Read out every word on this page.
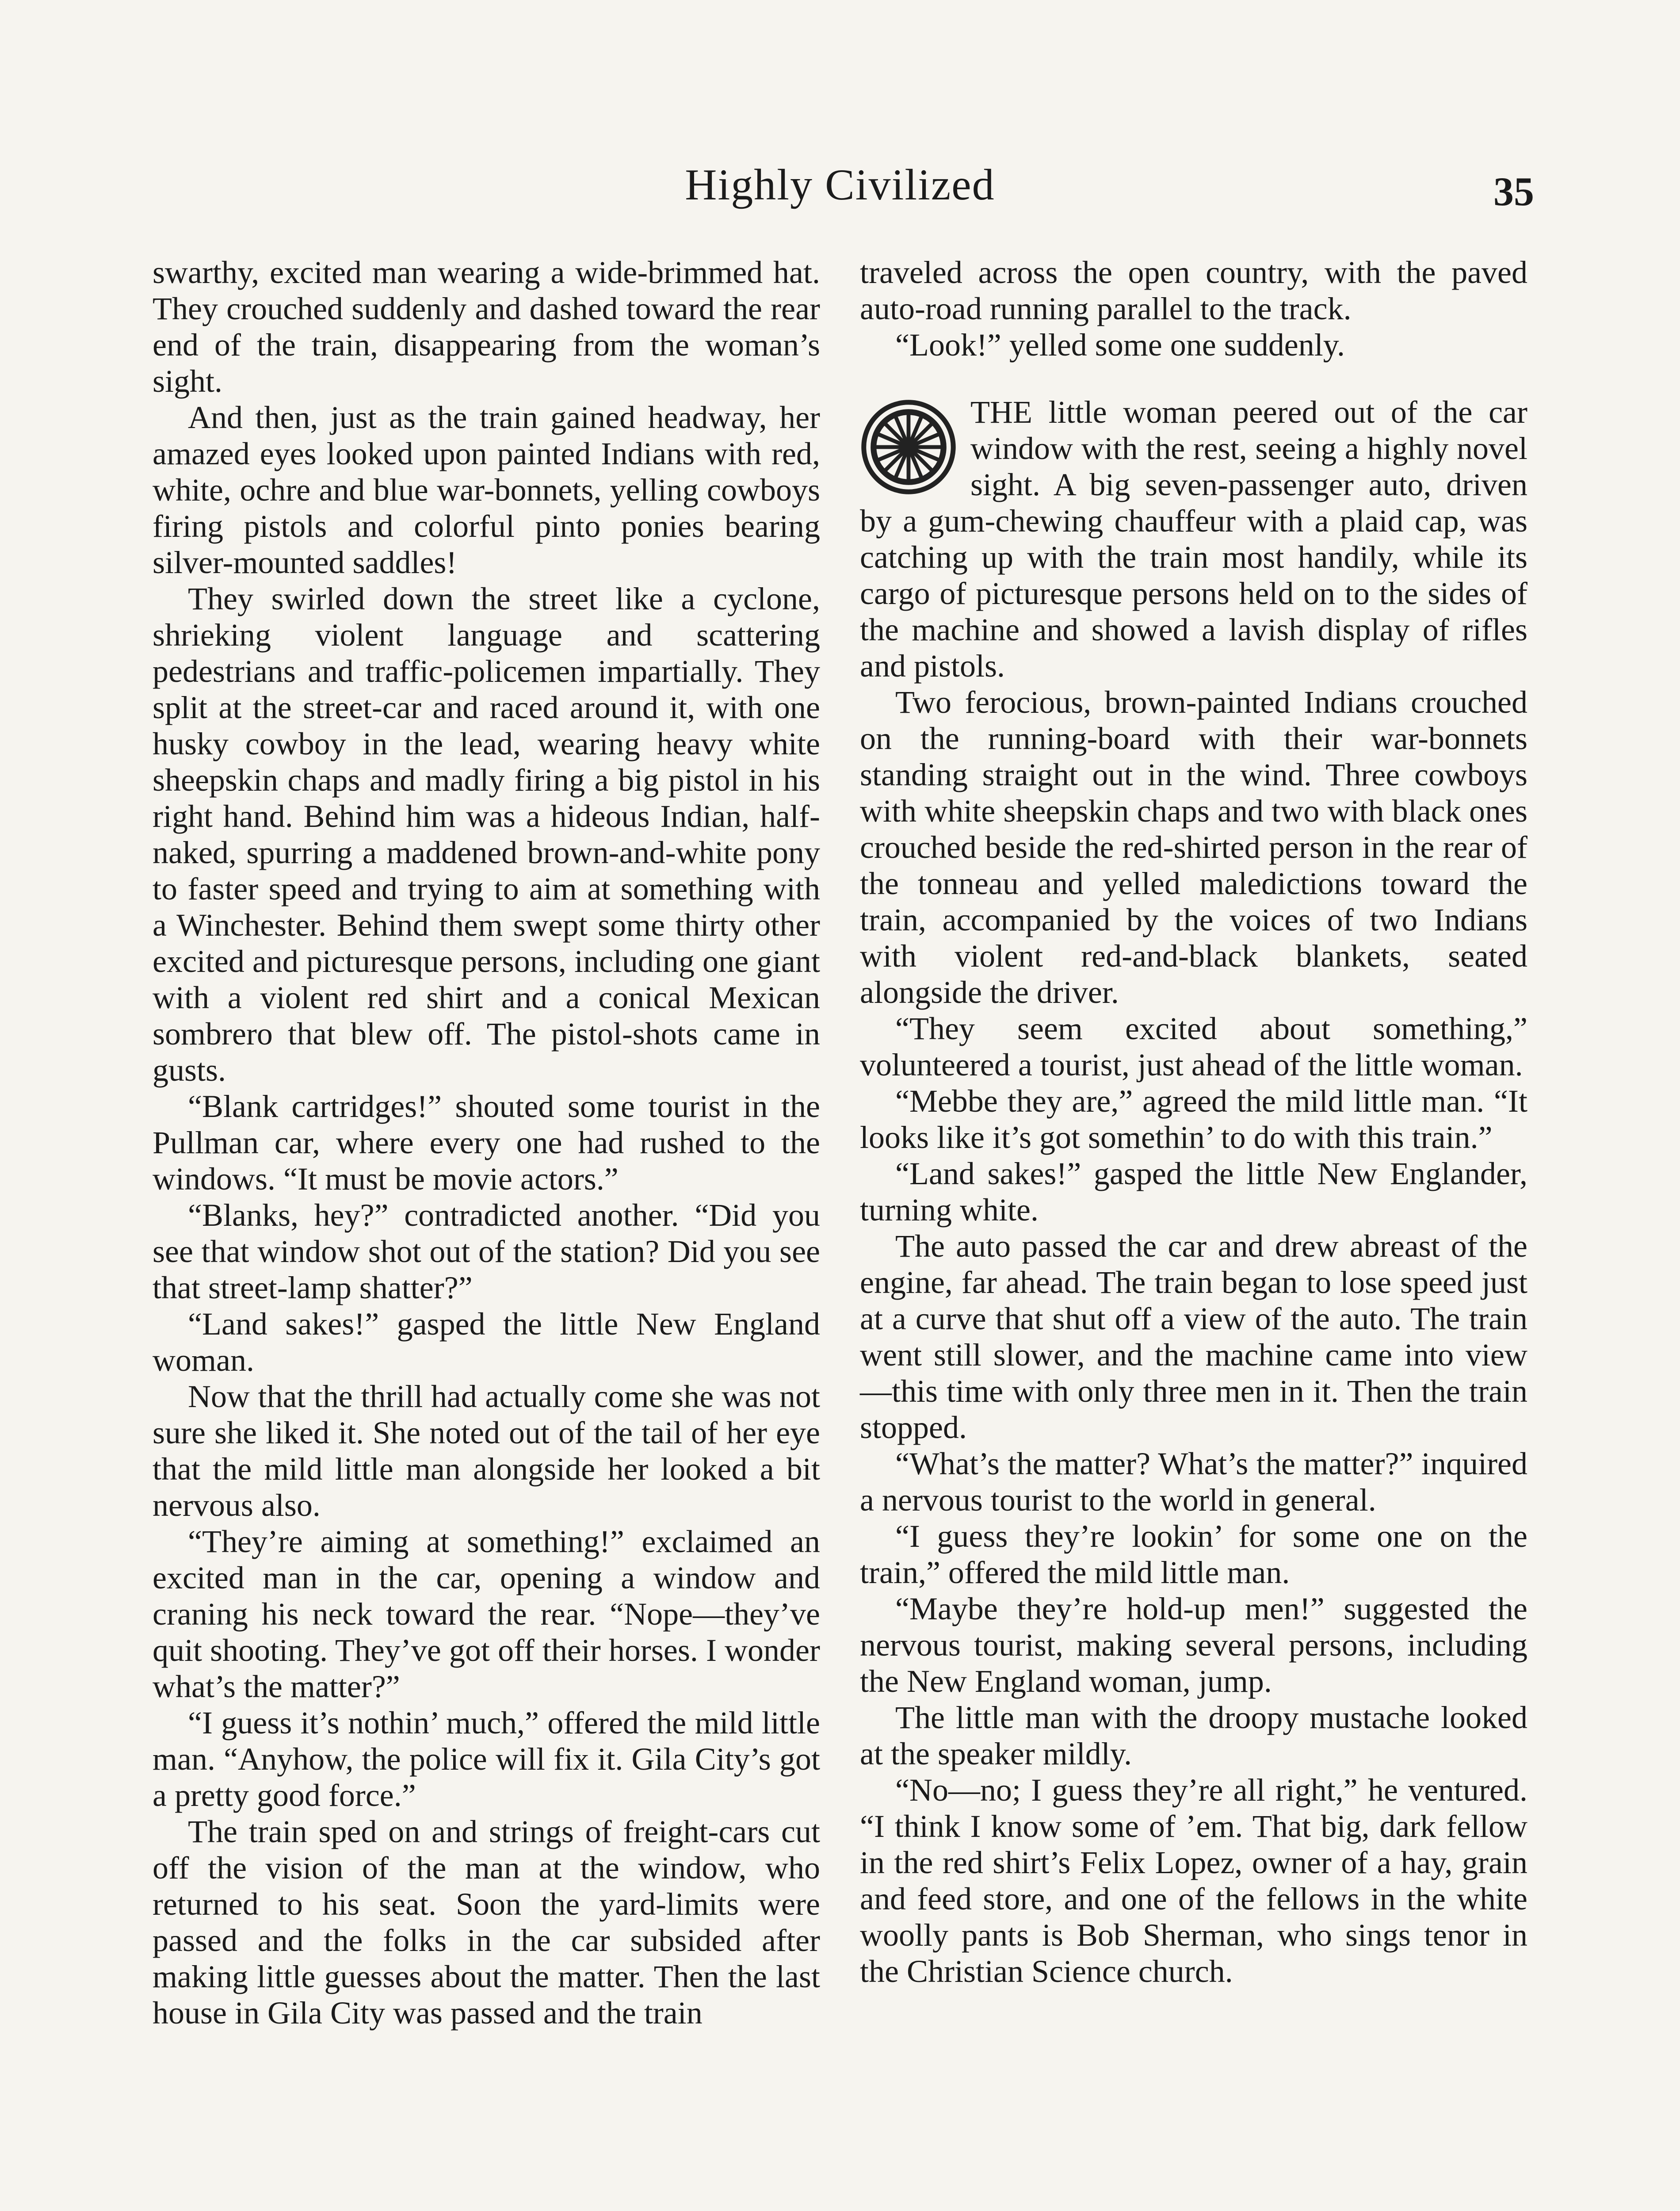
Highly Civilized	35

swarthy, excited man wearing a wide-brimmed hat. They crouched suddenly and dashed toward the rear end of the train, disappearing from the woman’s sight.

And then, just as the train gained headway, her amazed eyes looked upon painted Indians with red, white, ochre and blue war-bonnets, yelling cowboys firing pistols and colorful pinto ponies bearing silver-mounted saddles!

They swirled down the street like a cyclone, shrieking violent language and scattering pedestrians and traffic-policemen impartially. They split at the street-car and raced around it, with one husky cowboy in the lead, wearing heavy white sheepskin chaps and madly firing a big pistol in his right hand. Behind him was a hideous Indian, half-naked, spurring a maddened brown-and-white pony to faster speed and trying to aim at something with a Winchester. Behind them swept some thirty other excited and picturesque persons, including one giant with a violent red shirt and a conical Mexican sombrero that blew off. The pistol-shots came in gusts.

“Blank cartridges!” shouted some tourist in the Pullman car, where every one had rushed to the windows. “It must be movie actors.”

“Blanks, hey?” contradicted another. “Did you see that window shot out of the station? Did you see that street-lamp shatter?”

“Land sakes!” gasped the little New England woman.

Now that the thrill had actually come she was not sure she liked it. She noted out of the tail of her eye that the mild little man alongside her looked a bit nervous also.

“They’re aiming at something!” exclaimed an excited man in the car, opening a window and craning his neck toward the rear. “Nope—they’ve quit shooting. They’ve got off their horses. I wonder what’s the matter?”

“I guess it’s nothin’ much,” offered the mild little man. “Anyhow, the police will fix it. Gila City’s got a pretty good force.”

The train sped on and strings of freight-cars cut off the vision of the man at the window, who returned to his seat. Soon the yard-limits were passed and the folks in the car subsided after making little guesses about the matter. Then the last house in Gila City was passed and the train

traveled across the open country, with the paved auto-road running parallel to the track.

“Look!” yelled some one suddenly.

THE little woman peered out of the car window with the rest, seeing a highly novel sight. A big seven-passenger auto, driven by a gum-chewing chauffeur with a plaid cap, was catching up with the train most handily, while its cargo of picturesque persons held on to the sides of the machine and showed a lavish display of rifles and pistols.

Two ferocious, brown-painted Indians crouched on the running-board with their war-bonnets standing straight out in the wind. Three cowboys with white sheepskin chaps and two with black ones crouched beside the red-shirted person in the rear of the tonneau and yelled maledictions toward the train, accompanied by the voices of two Indians with violent red-and-black blankets, seated alongside the driver.

“They seem excited about something,” volunteered a tourist, just ahead of the little woman.

“Mebbe they are,” agreed the mild little man. “It looks like it’s got somethin’ to do with this train.”

“Land sakes!” gasped the little New Englander, turning white.

The auto passed the car and drew abreast of the engine, far ahead. The train began to lose speed just at a curve that shut off a view of the auto. The train went still slower, and the machine came into view—this time with only three men in it. Then the train stopped.

“What’s the matter? What’s the matter?” inquired a nervous tourist to the world in general.

“I guess they’re lookin’ for some one on the train,” offered the mild little man.

“Maybe they’re hold-up men!” suggested the nervous tourist, making several persons, including the New England woman, jump.

The little man with the droopy mustache looked at the speaker mildly.

“No—no; I guess they’re all right,” he ventured. “I think I know some of ’em. That big, dark fellow in the red shirt’s Felix Lopez, owner of a hay, grain and feed store, and one of the fellows in the white woolly pants is Bob Sherman, who sings tenor in the Christian Science church.
